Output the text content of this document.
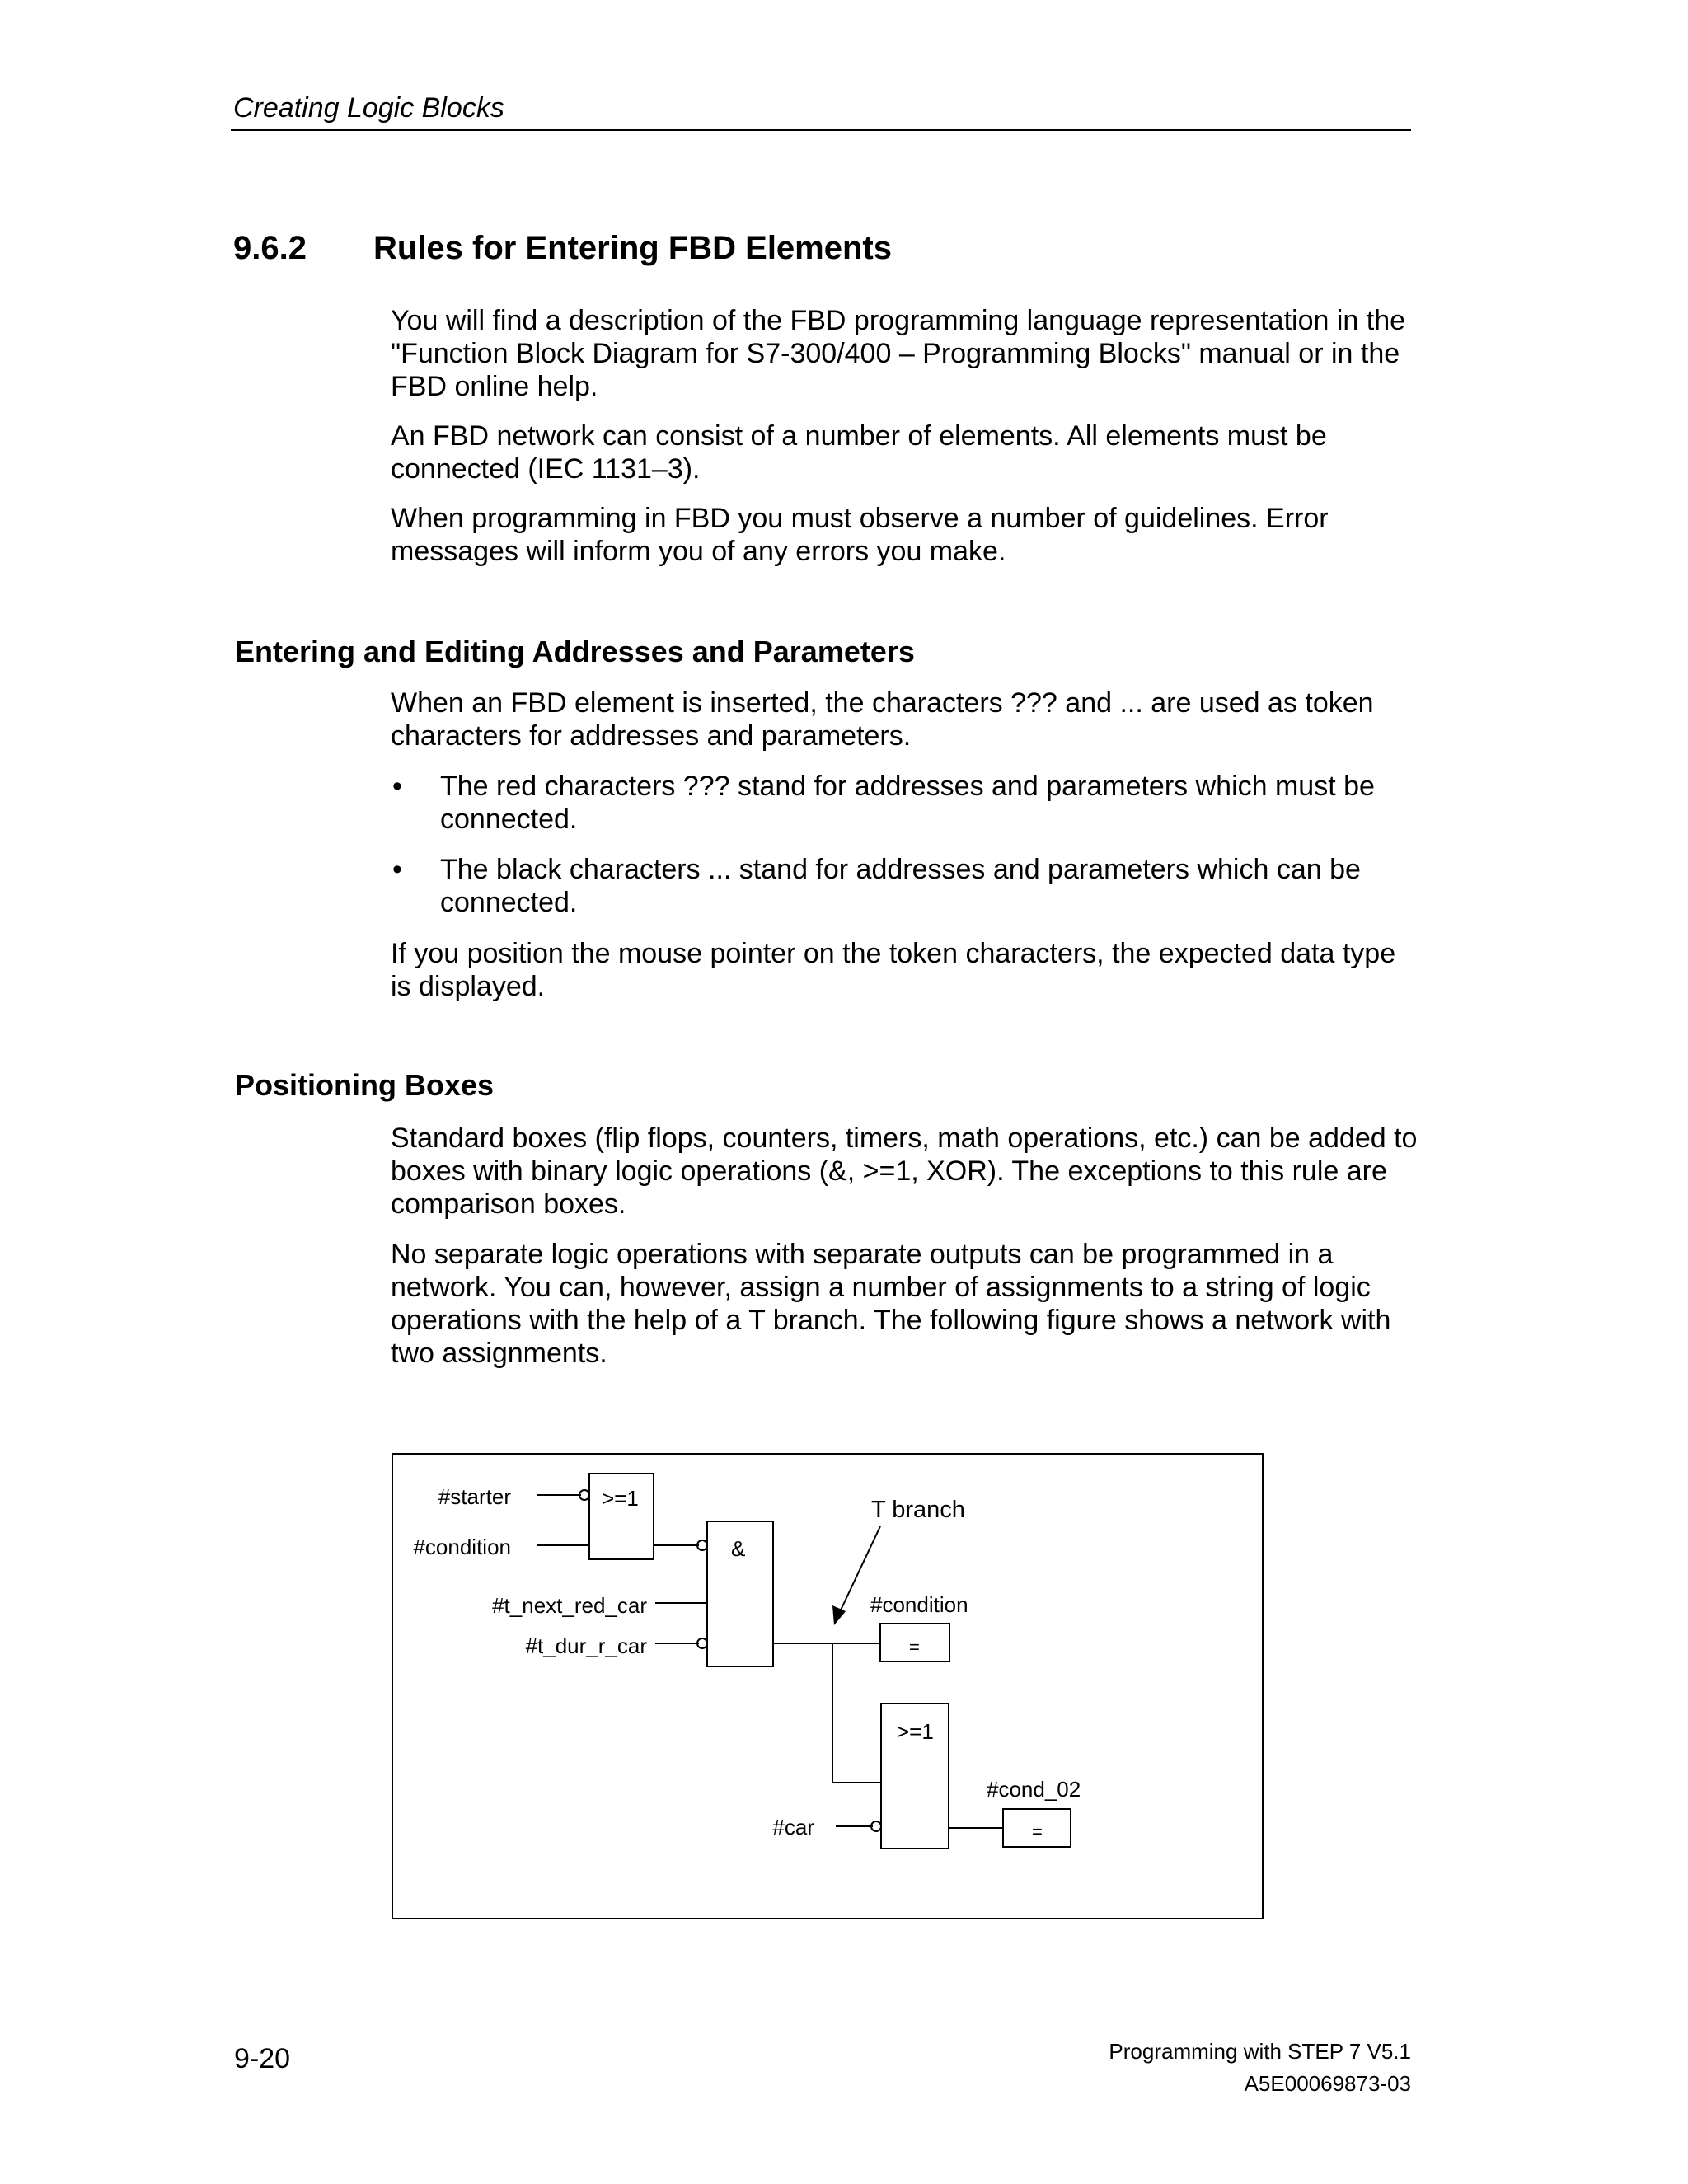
Creating Logic Blocks
9.6.2 Rules for Entering FBD Elements

You will find a description of the FBD programming language representation in the "Function Block Diagram for S7-300/400 – Programming Blocks" manual or in the FBD online help.

An FBD network can consist of a number of elements. All elements must be connected (IEC 1131–3).

When programming in FBD you must observe a number of guidelines. Error messages will inform you of any errors you make.

Entering and Editing Addresses and Parameters

When an FBD element is inserted, the characters ??? and ... are used as token characters for addresses and parameters.

• The red characters ??? stand for addresses and parameters which must be connected.

• The black characters ... stand for addresses and parameters which can be connected.

If you position the mouse pointer on the token characters, the expected data type is displayed.

Positioning Boxes

Standard boxes (flip flops, counters, timers, math operations, etc.) can be added to boxes with binary logic operations (&, >=1, XOR). The exceptions to this rule are comparison boxes.

No separate logic operations with separate outputs can be programmed in a network. You can, however, assign a number of assignments to a string of logic operations with the help of a T branch. The following figure shows a network with two assignments.

#starter
#condition
#t_next_red_car
#t_dur_r_car
#car
>=1
&
>=1
T branch
#condition
#cond_02
=
=
Programming with STEP 7 V5.1
A5E00069873-03
9-20
